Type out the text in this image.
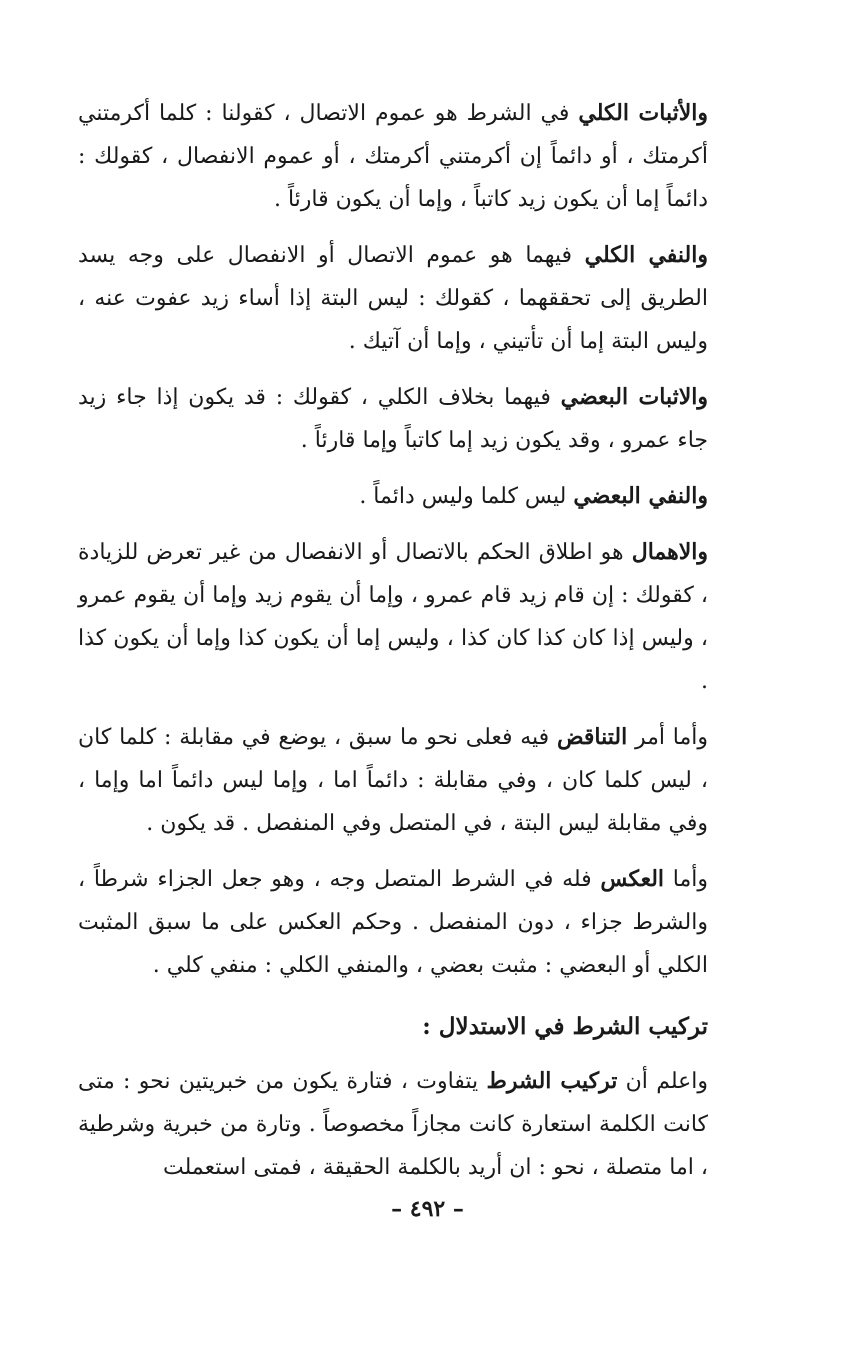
والأثبات الكلي في الشرط هو عموم الاتصال ، كقولنا : كلما أكرمتني أكرمتك ، أو دائماً إن أكرمتني أكرمتك ، أو عموم الانفصال ، كقولك : دائماً إما أن يكون زيد كاتباً ، وإما أن يكون قارئاً .

والنفي الكلي فيهما هو عموم الاتصال أو الانفصال على وجه يسد الطريق إلى تحققهما ، كقولك : ليس البتة إذا أساء زيد عفوت عنه ، وليس البتة إما أن تأتيني ، وإما أن آتيك .

والاثبات البعضي فيهما بخلاف الكلي ، كقولك : قد يكون إذا جاء زيد جاء عمرو ، وقد يكون زيد إما كاتباً وإما قارئاً .

والنفي البعضي ليس كلما وليس دائماً .

والاهمال هو اطلاق الحكم بالاتصال أو الانفصال من غير تعرض للزيادة ، كقولك : إن قام زيد قام عمرو ، وإما أن يقوم زيد وإما أن يقوم عمرو ، وليس إذا كان كذا كان كذا ، وليس إما أن يكون كذا وإما أن يكون كذا .

وأما أمر التناقض فيه فعلى نحو ما سبق ، يوضع في مقابلة : كلما كان ، ليس كلما كان ، وفي مقابلة : دائماً اما ، وإما ليس دائماً اما وإما ، وفي مقابلة ليس البتة ، في المتصل وفي المنفصل . قد يكون .

وأما العكس فله في الشرط المتصل وجه ، وهو جعل الجزاء شرطاً ، والشرط جزاء ، دون المنفصل . وحكم العكس على ما سبق المثبت الكلي أو البعضي : مثبت بعضي ، والمنفي الكلي : منفي كلي .

تركيب الشرط في الاستدلال :

واعلم أن تركيب الشرط يتفاوت ، فتارة يكون من خبريتين نحو : متى كانت الكلمة استعارة كانت مجازاً مخصوصاً . وتارة من خبرية وشرطية ، اما متصلة ، نحو : ان أريد بالكلمة الحقيقة ، فمتى استعملت

– ٤٩٢ –
